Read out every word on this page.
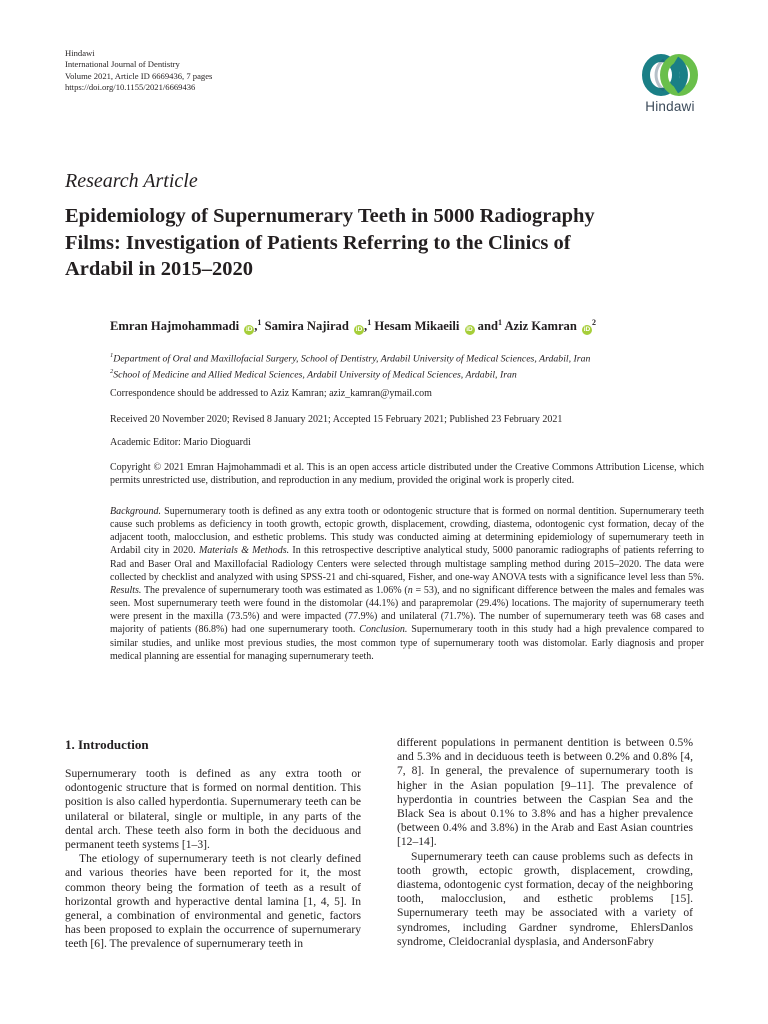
Hindawi
International Journal of Dentistry
Volume 2021, Article ID 6669436, 7 pages
https://doi.org/10.1155/2021/6669436
Hindawi
Research Article
Epidemiology of Supernumerary Teeth in 5000 Radiography
Films: Investigation of Patients Referring to the Clinics of
Ardabil in 2015–2020
Emran Hajmohammadi iD ,$^1$ Samira Najirad iD ,$^1$ Hesam Mikaeili iD and$^1$ Aziz Kamran $iD^2$
$^1$Department of Oral and Maxillofacial Surgery, School of Dentistry, Ardabil University of Medical Sciences, Ardabil, Iran
$^2$School of Medicine and Allied Medical Sciences, Ardabil University of Medical Sciences, Ardabil, Iran
Correspondence should be addressed to Aziz Kamran; aziz_kamran@ymail.com
Received 20 November 2020; Revised 8 January 2021; Accepted 15 February 2021; Published 23 February 2021
Academic Editor: Mario Dioguardi
Copyright © 2021 Emran Hajmohammadi et al. This is an open access article distributed under the Creative Commons Attribution License, which permits unrestricted use, distribution, and reproduction in any medium, provided the original work is properly cited.
Background. Supernumerary tooth is defined as any extra tooth or odontogenic structure that is formed on normal dentition. Supernumerary teeth cause such problems as deficiency in tooth growth, ectopic growth, displacement, crowding, diastema, odontogenic cyst formation, decay of the adjacent tooth, malocclusion, and esthetic problems. This study was conducted aiming at determining epidemiology of supernumerary teeth in Ardabil city in 2020. Materials & Methods. In this retrospective descriptive analytical study, 5000 panoramic radiographs of patients referring to Rad and Baser Oral and Maxillofacial Radiology Centers were selected through multistage sampling method during 2015–2020. The data were collected by checklist and analyzed with using SPSS-21 and chi-squared, Fisher, and one-way ANOVA tests with a significance level less than 5%. Results. The prevalence of supernumerary tooth was estimated as 1.06% (n = 53), and no significant difference between the males and females was seen. Most supernumerary teeth were found in the distomolar (44.1%) and parapremolar (29.4%) locations. The majority of supernumerary teeth were present in the maxilla (73.5%) and were impacted (77.9%) and unilateral (71.7%). The number of supernumerary teeth was 68 cases and majority of patients (86.8%) had one supernumerary tooth. Conclusion. Supernumerary tooth in this study had a high prevalence compared to similar studies, and unlike most previous studies, the most common type of supernumerary tooth was distomolar. Early diagnosis and proper medical planning are essential for managing supernumerary teeth.
1. Introduction

Supernumerary tooth is defined as any extra tooth or odontogenic structure that is formed on normal dentition. This position is also called hyperdontia. Supernumerary teeth can be unilateral or bilateral, single or multiple, in any parts of the dental arch. These teeth also form in both the deciduous and permanent teeth systems [1–3].

The etiology of supernumerary teeth is not clearly defined and various theories have been reported for it, the most common theory being the formation of teeth as a result of horizontal growth and hyperactive dental lamina [1, 4, 5]. In general, a combination of environmental and genetic, factors has been proposed to explain the occurrence of supernumerary teeth [6]. The prevalence of supernumerary teeth in

different populations in permanent dentition is between 0.5% and 5.3% and in deciduous teeth is between 0.2% and 0.8% [4, 7, 8]. In general, the prevalence of supernumerary tooth is higher in the Asian population [9–11]. The prevalence of hyperdontia in countries between the Caspian Sea and the Black Sea is about 0.1% to 3.8% and has a higher prevalence (between 0.4% and 3.8%) in the Arab and East Asian countries [12–14].

Supernumerary teeth can cause problems such as defects in tooth growth, ectopic growth, displacement, crowding, diastema, odontogenic cyst formation, decay of the neighboring tooth, malocclusion, and esthetic problems [15]. Supernumerary teeth may be associated with a variety of syndromes, including Gardner syndrome, EhlersDanlos syndrome, Cleidocranial dysplasia, and AndersonFabry
